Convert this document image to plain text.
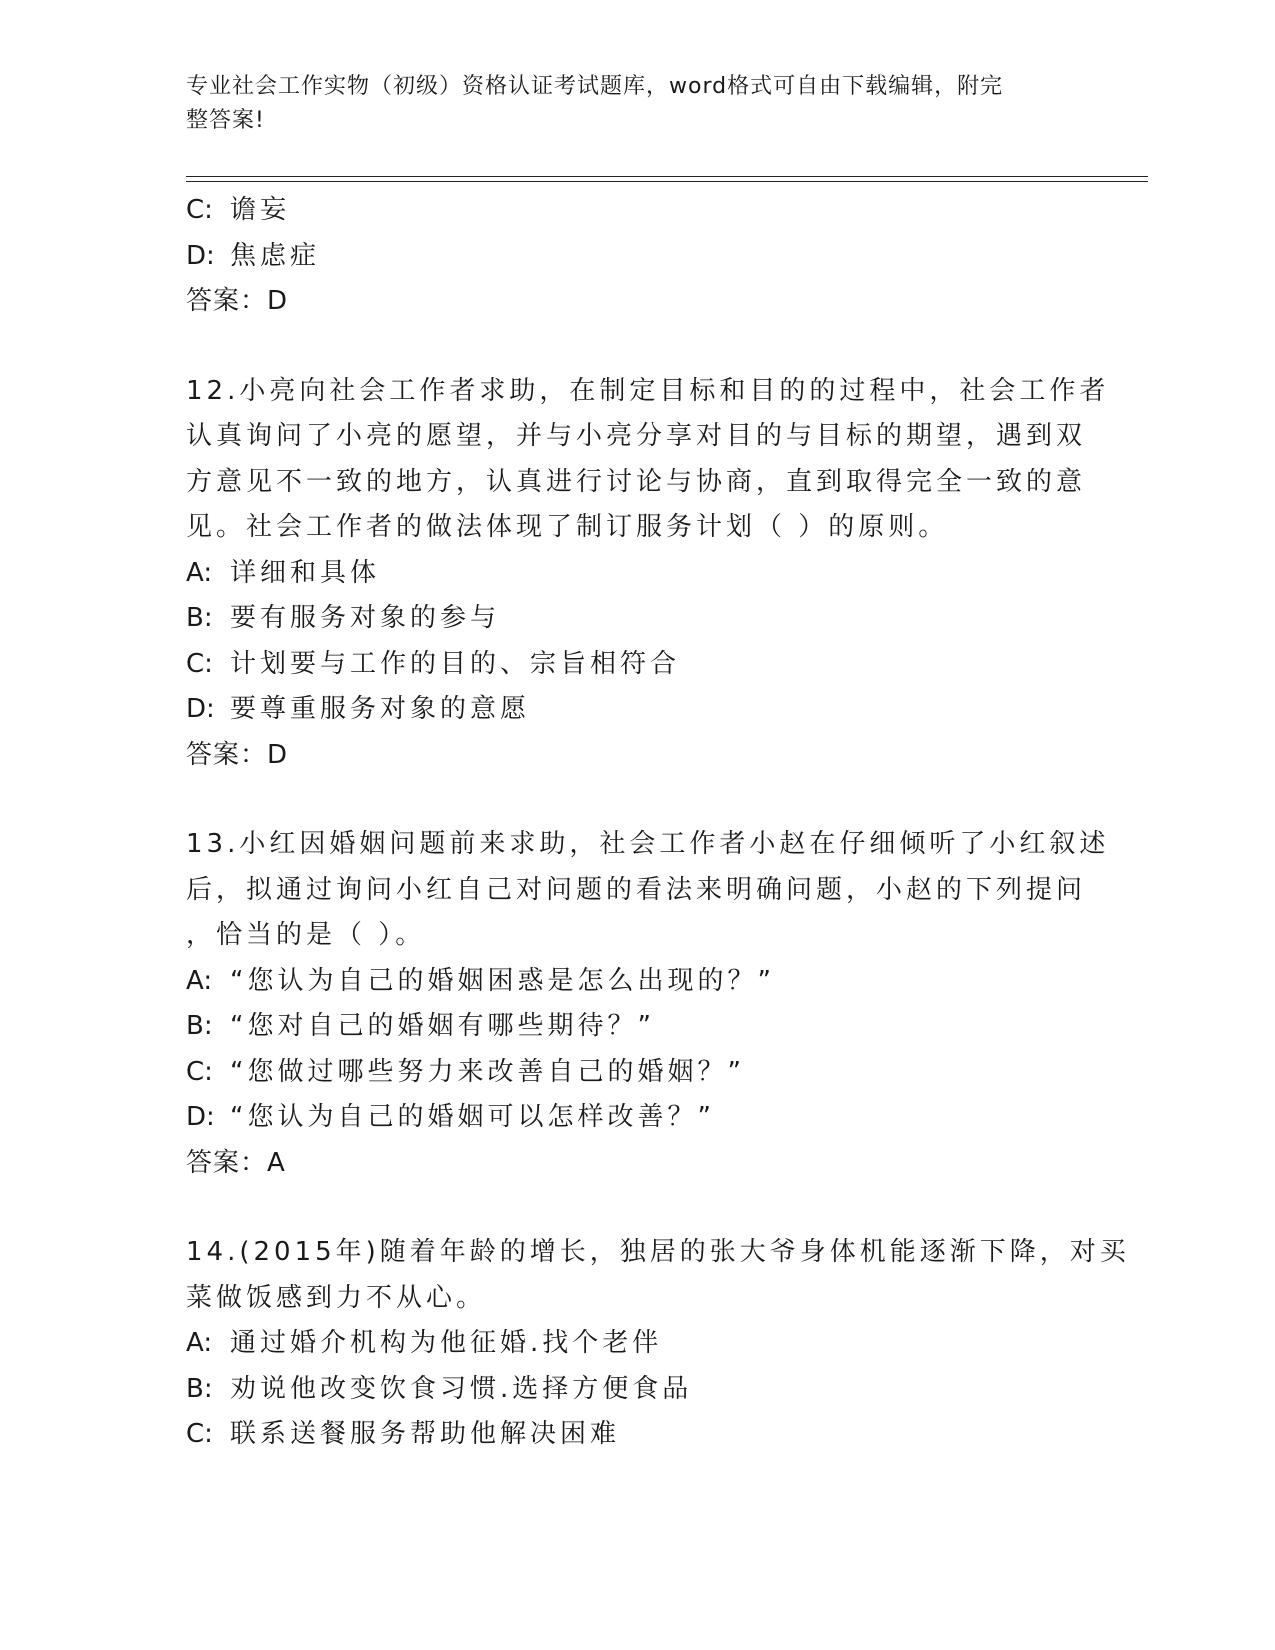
专业社会工作实物（初级）资格认证考试题库，word格式可自由下载编辑，附完
整答案!
C: 谵妄
D: 焦虑症
答案：D
12.小亮向社会工作者求助，在制定目标和目的的过程中，社会工作者
认真询问了小亮的愿望，并与小亮分享对目的与目标的期望，遇到双
方意见不一致的地方，认真进行讨论与协商，直到取得完全一致的意
见。社会工作者的做法体现了制订服务计划（ ）的原则。
A: 详细和具体
B: 要有服务对象的参与
C: 计划要与工作的目的、宗旨相符合
D: 要尊重服务对象的意愿
答案：D
13.小红因婚姻问题前来求助，社会工作者小赵在仔细倾听了小红叙述
后，拟通过询问小红自己对问题的看法来明确问题，小赵的下列提问
，恰当的是（ ）。
A: “您认为自己的婚姻困惑是怎么出现的？”
B: “您对自己的婚姻有哪些期待？”
C: “您做过哪些努力来改善自己的婚姻？”
D: “您认为自己的婚姻可以怎样改善？”
答案：A
14.(2015年)随着年龄的增长，独居的张大爷身体机能逐渐下降，对买
菜做饭感到力不从心。
A: 通过婚介机构为他征婚.找个老伴
B: 劝说他改变饮食习惯.选择方便食品
C: 联系送餐服务帮助他解决困难
